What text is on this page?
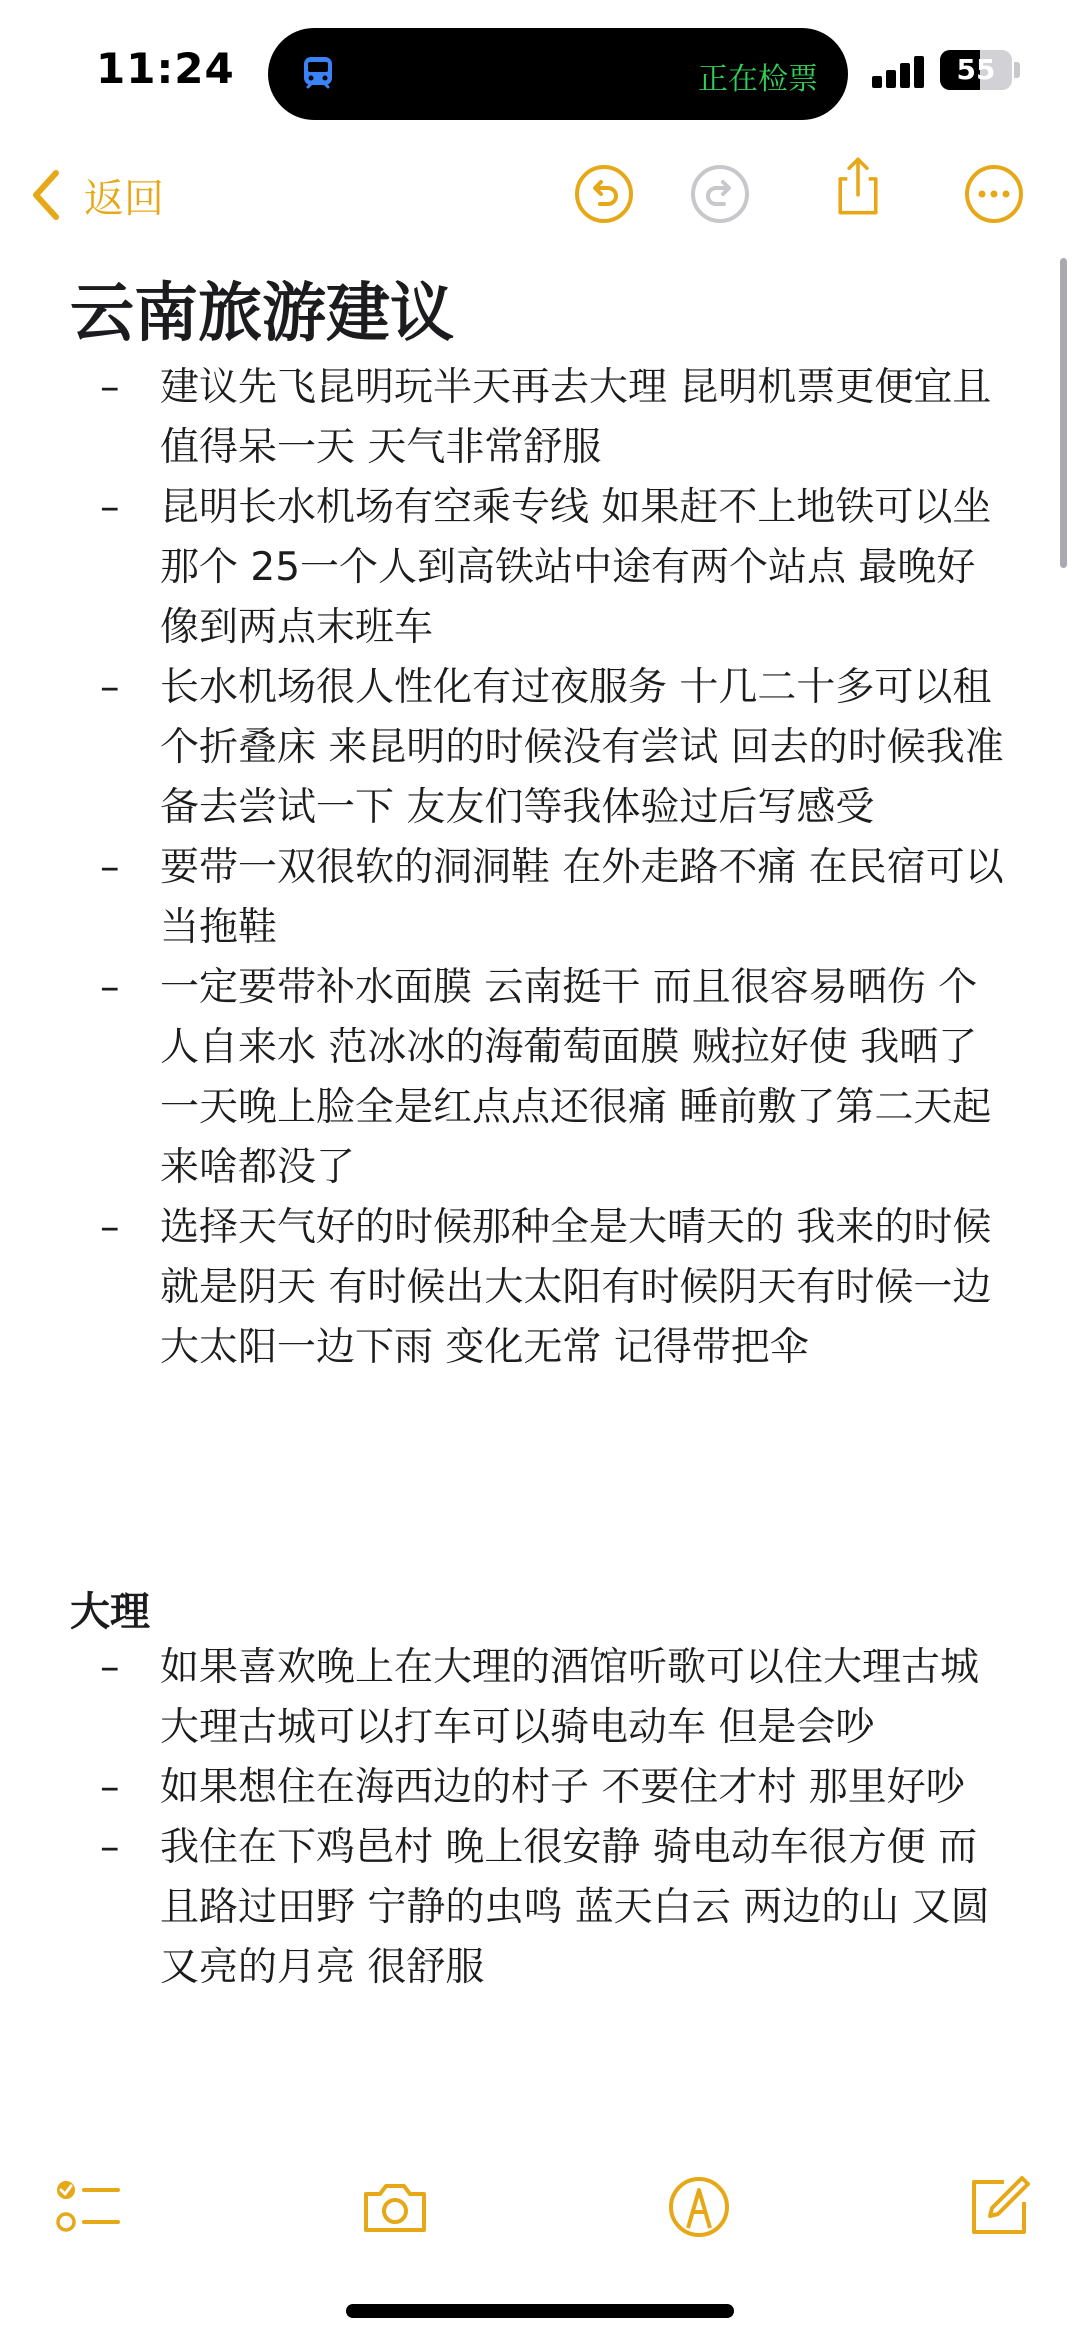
11:24	正在检票	55
返回
云南旅游建议
–	建议先飞昆明玩半天再去大理 昆明机票更便宜且值得呆一天 天气非常舒服
–	昆明长水机场有空乘专线 如果赶不上地铁可以坐那个 25一个人到高铁站中途有两个站点 最晚好像到两点末班车
–	长水机场很人性化有过夜服务 十几二十多可以租个折叠床 来昆明的时候没有尝试 回去的时候我准备去尝试一下 友友们等我体验过后写感受
–	要带一双很软的洞洞鞋 在外走路不痛 在民宿可以当拖鞋
–	一定要带补水面膜 云南挺干 而且很容易晒伤 个人自来水 范冰冰的海葡萄面膜 贼拉好使 我晒了一天晚上脸全是红点点还很痛 睡前敷了第二天起来啥都没了
–	选择天气好的时候那种全是大晴天的 我来的时候就是阴天 有时候出大太阳有时候阴天有时候一边大太阳一边下雨 变化无常 记得带把伞
大理
–	如果喜欢晚上在大理的酒馆听歌可以住大理古城 大理古城可以打车可以骑电动车 但是会吵
–	如果想住在海西边的村子 不要住才村 那里好吵
–	我住在下鸡邑村 晚上很安静 骑电动车很方便 而且路过田野 宁静的虫鸣 蓝天白云 两边的山 又圆又亮的月亮 很舒服
